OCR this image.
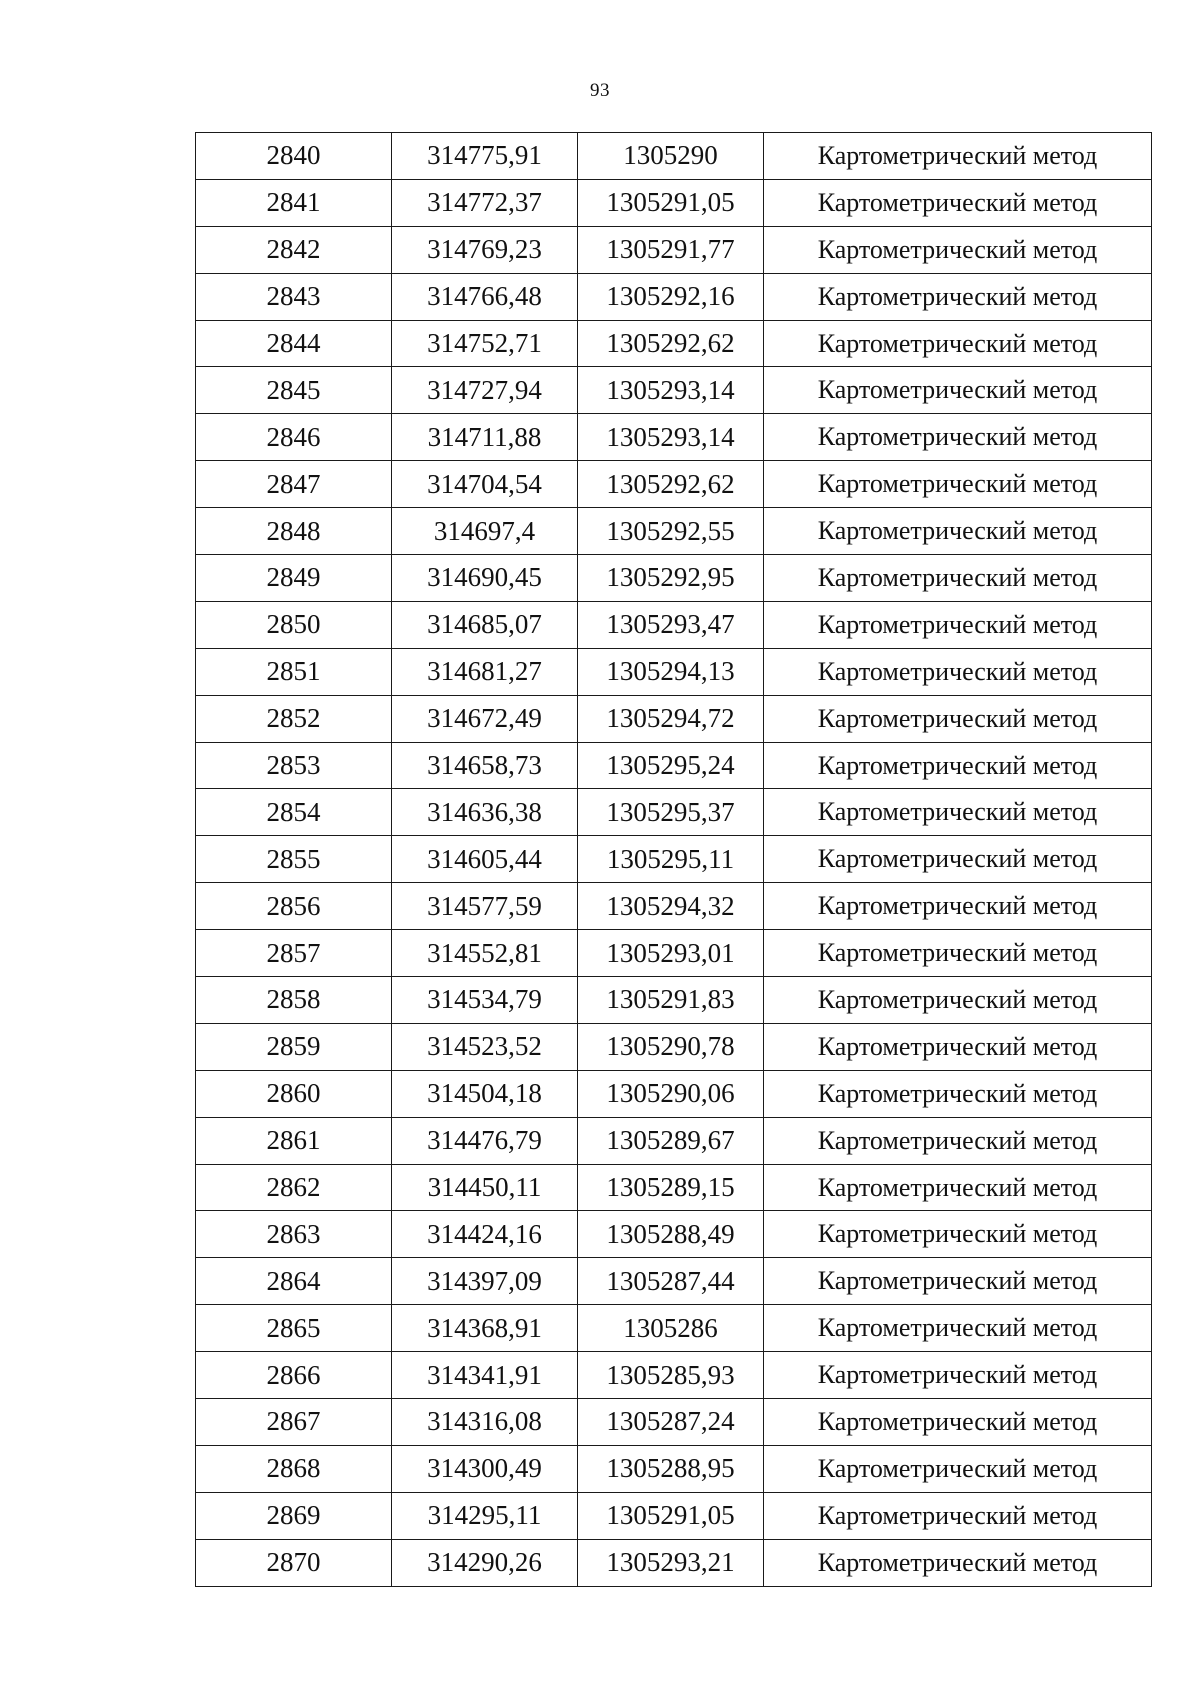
93
2840	314775,91	1305290	Картометрический метод
2841	314772,37	1305291,05	Картометрический метод
2842	314769,23	1305291,77	Картометрический метод
2843	314766,48	1305292,16	Картометрический метод
2844	314752,71	1305292,62	Картометрический метод
2845	314727,94	1305293,14	Картометрический метод
2846	314711,88	1305293,14	Картометрический метод
2847	314704,54	1305292,62	Картометрический метод
2848	314697,4	1305292,55	Картометрический метод
2849	314690,45	1305292,95	Картометрический метод
2850	314685,07	1305293,47	Картометрический метод
2851	314681,27	1305294,13	Картометрический метод
2852	314672,49	1305294,72	Картометрический метод
2853	314658,73	1305295,24	Картометрический метод
2854	314636,38	1305295,37	Картометрический метод
2855	314605,44	1305295,11	Картометрический метод
2856	314577,59	1305294,32	Картометрический метод
2857	314552,81	1305293,01	Картометрический метод
2858	314534,79	1305291,83	Картометрический метод
2859	314523,52	1305290,78	Картометрический метод
2860	314504,18	1305290,06	Картометрический метод
2861	314476,79	1305289,67	Картометрический метод
2862	314450,11	1305289,15	Картометрический метод
2863	314424,16	1305288,49	Картометрический метод
2864	314397,09	1305287,44	Картометрический метод
2865	314368,91	1305286	Картометрический метод
2866	314341,91	1305285,93	Картометрический метод
2867	314316,08	1305287,24	Картометрический метод
2868	314300,49	1305288,95	Картометрический метод
2869	314295,11	1305291,05	Картометрический метод
2870	314290,26	1305293,21	Картометрический метод
